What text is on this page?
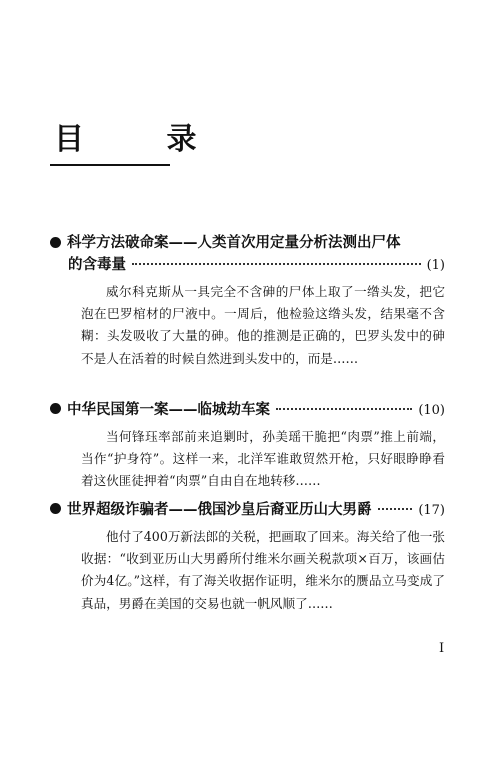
目 录
科学方法破命案——人类首次用定量分析法测出尸体
的含毒量	(1)

威尔科克斯从一具完全不含砷的尸体上取了一绺头发，把它泡在巴罗棺材的尸液中。一周后，他检验这绺头发，结果毫不含糊：头发吸收了大量的砷。他的推测是正确的，巴罗头发中的砷不是人在活着的时候自然进到头发中的，而是……

中华民国第一案——临城劫车案	(10)

当何锋珏率部前来追剿时，孙美瑶干脆把“肉票”推上前端，当作“护身符”。这样一来，北洋军谁敢贸然开枪，只好眼睁睁看着这伙匪徒押着“肉票”自由自在地转移……

世界超级诈骗者——俄国沙皇后裔亚历山大男爵	(17)

他付了400万新法郎的关税，把画取了回来。海关给了他一张收据：“收到亚历山大男爵所付维米尔画关税款项×百万，该画估价为4亿。”这样，有了海关收据作证明，维米尔的赝品立马变成了真品，男爵在美国的交易也就一帆风顺了……

I
